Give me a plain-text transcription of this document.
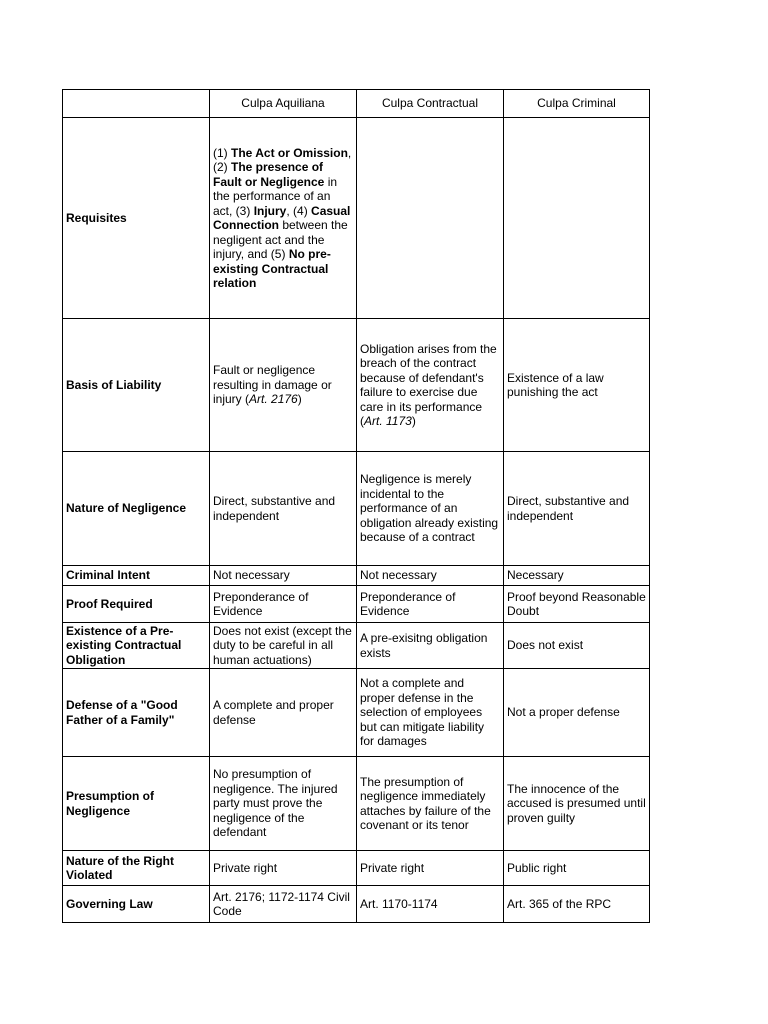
	Culpa Aquiliana	Culpa Contractual	Culpa Criminal
Requisites	(1) The Act or Omission, (2) The presence of Fault or Negligence in the performance of an act, (3) Injury, (4) Casual Connection between the negligent act and the injury, and (5) No pre-existing Contractual relation		
Basis of Liability	Fault or negligence resulting in damage or injury (Art. 2176)	Obligation arises from the breach of the contract because of defendant's failure to exercise due care in its performance (Art. 1173)	Existence of a law punishing the act
Nature of Negligence	Direct, substantive and independent	Negligence is merely incidental to the performance of an obligation already existing because of a contract	Direct, substantive and independent
Criminal Intent	Not necessary	Not necessary	Necessary
Proof Required	Preponderance of Evidence	Preponderance of Evidence	Proof beyond Reasonable Doubt
Existence of a Pre-existing Contractual Obligation	Does not exist (except the duty to be careful in all human actuations)	A pre-exisitng obligation exists	Does not exist
Defense of a "Good Father of a Family"	A complete and proper defense	Not a complete and proper defense in the selection of employees but can mitigate liability for damages	Not a proper defense
Presumption of Negligence	No presumption of negligence. The injured party must prove the negligence of the defendant	The presumption of negligence immediately attaches by failure of the covenant or its tenor	The innocence of the accused is presumed until proven guilty
Nature of the Right Violated	Private right	Private right	Public right
Governing Law	Art. 2176; 1172-1174 Civil Code	Art. 1170-1174	Art. 365 of the RPC
